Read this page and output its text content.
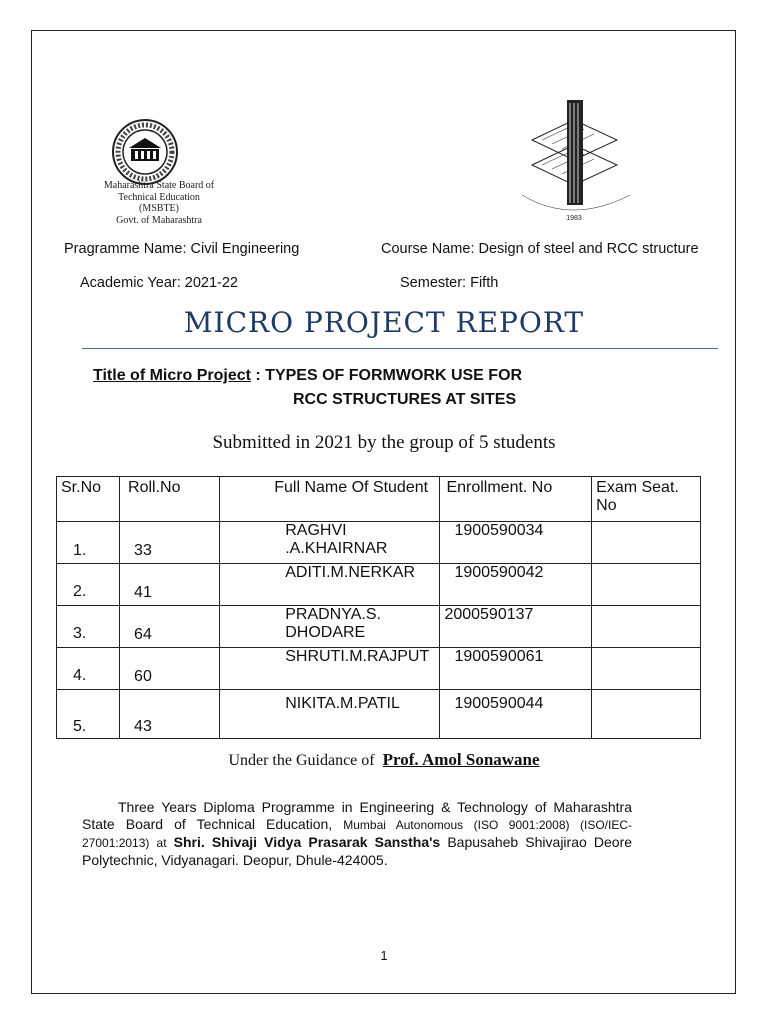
Maharashtra State Board of
Technical Education
(MSBTE)
Govt. of Maharashtra	1983
Pragramme Name: Civil Engineering	Course Name: Design of steel and RCC structure
Academic Year: 2021-22	Semester: Fifth
MICRO PROJECT REPORT
Title of Micro Project : TYPES OF FORMWORK USE FOR
RCC STRUCTURES AT SITES
Submitted in 2021 by the group of 5 students
Sr.No	Roll.No	Full Name Of Student	Enrollment. No	Exam Seat. No

1.	33	RAGHVI .A.KHAIRNAR	1900590034	

2.	41	ADITI.M.NERKAR	1900590042	

3.	64	PRADNYA.S. DHODARE	2000590137	

4.	60	SHRUTI.M.RAJPUT	1900590061	

5.	43	NIKITA.M.PATIL	1900590044	

Under the Guidance of Prof. Amol Sonawane
Three Years Diploma Programme in Engineering & Technology of Maharashtra State Board of Technical Education, Mumbai Autonomous (ISO 9001:2008) (ISO/IEC-27001:2013) at Shri. Shivaji Vidya Prasarak Sanstha's Bapusaheb Shivajirao Deore Polytechnic, Vidyanagari. Deopur, Dhule-424005.
1
